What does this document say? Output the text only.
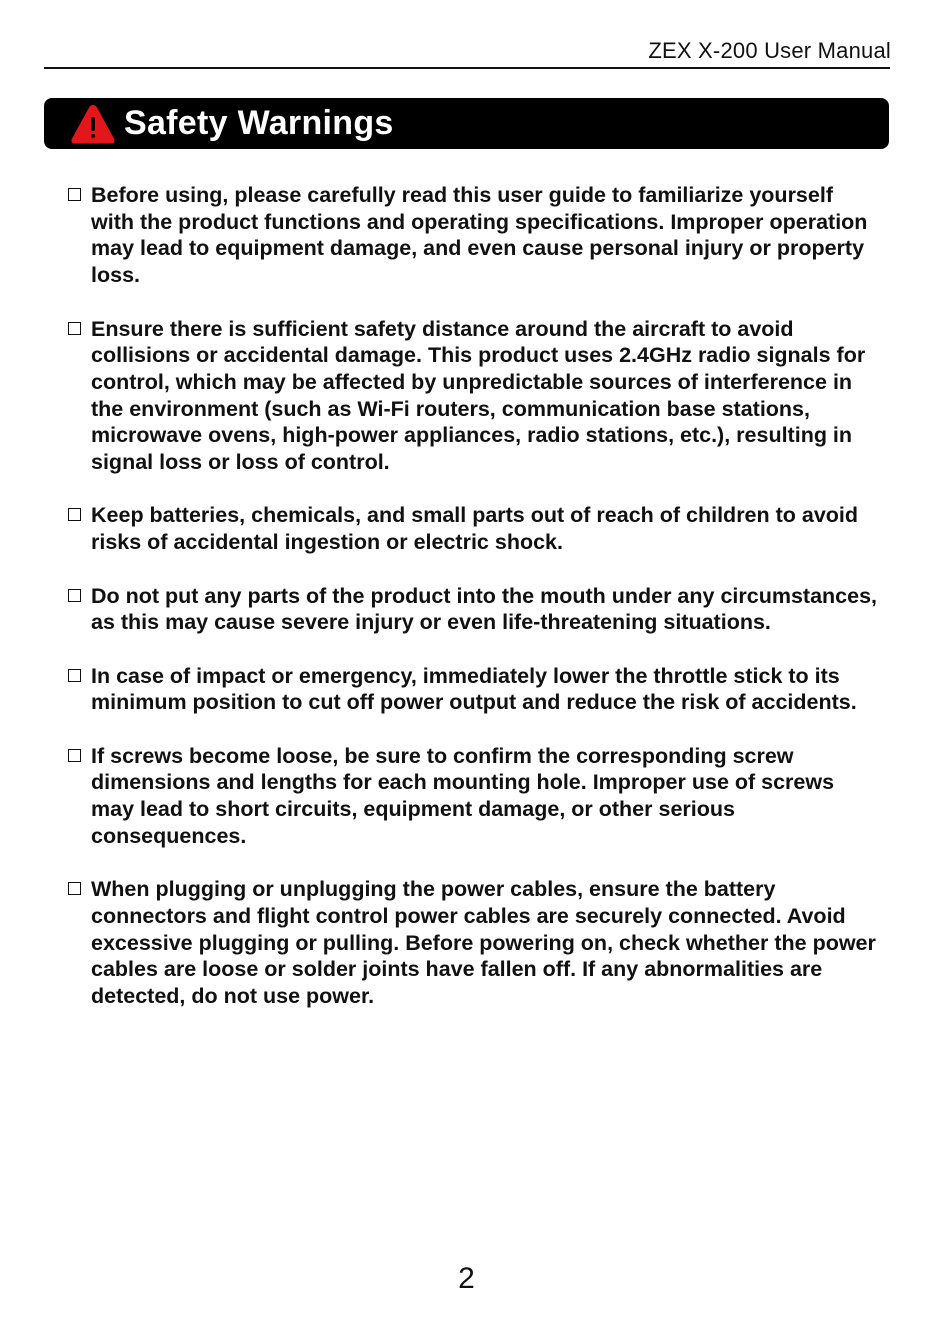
ZEX X-200 User Manual
Safety Warnings
Before using, please carefully read this user guide to familiarize yourself with the product functions and operating specifications. Improper operation may lead to equipment damage, and even cause personal injury or property loss.
Ensure there is sufficient safety distance around the aircraft to avoid collisions or accidental damage. This product uses 2.4GHz radio signals for control, which may be affected by unpredictable sources of interference in the environment (such as Wi-Fi routers, communication base stations, microwave ovens, high-power appliances, radio stations, etc.), resulting in signal loss or loss of control.
Keep batteries, chemicals, and small parts out of reach of children to avoid risks of accidental ingestion or electric shock.
Do not put any parts of the product into the mouth under any circumstances, as this may cause severe injury or even life-threatening situations.
In case of impact or emergency, immediately lower the throttle stick to its minimum position to cut off power output and reduce the risk of accidents.
If screws become loose, be sure to confirm the corresponding screw dimensions and lengths for each mounting hole. Improper use of screws may lead to short circuits, equipment damage, or other serious consequences.
When plugging or unplugging the power cables, ensure the battery connectors and flight control power cables are securely connected. Avoid excessive plugging or pulling. Before powering on, check whether the power cables are loose or solder joints have fallen off. If any abnormalities are detected, do not use power.
2
